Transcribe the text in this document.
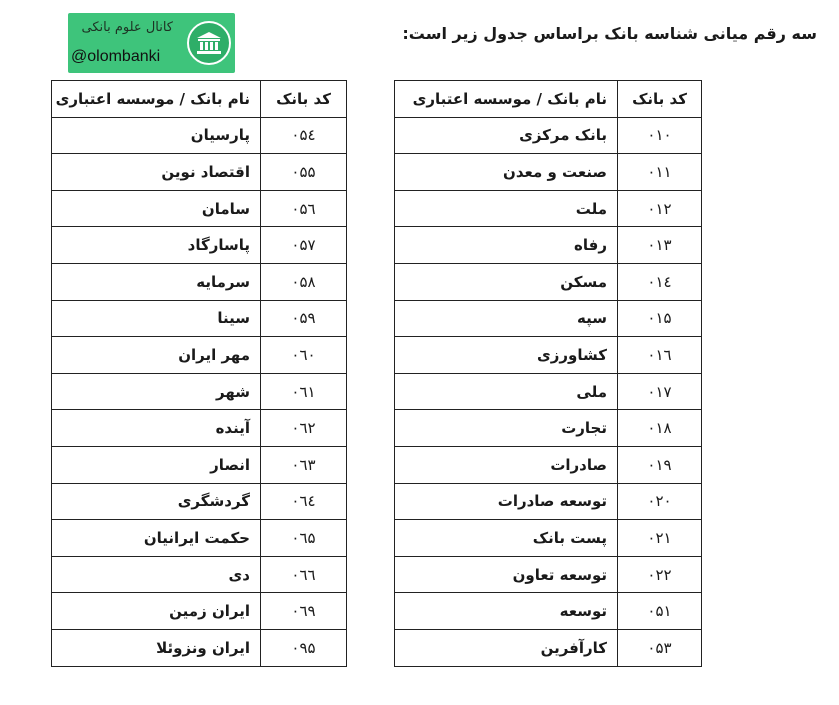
کانال علوم بانکی
@olombanki
سه رقم میانی شناسه بانک براساس جدول زیر است:
کد بانک	نام بانک / موسسه اعتباری
۰۱۰	بانک مرکزی
۰۱۱	صنعت و معدن
۰۱۲	ملت
۰۱۳	رفاه
۰۱٤	مسکن
۰۱۵	سپه
۰۱٦	کشاورزی
۰۱۷	ملی
۰۱۸	تجارت
۰۱۹	صادرات
۰۲۰	توسعه صادرات
۰۲۱	پست بانک
۰۲۲	توسعه تعاون
۰۵۱	توسعه
۰۵۳	کارآفرین
کد بانک	نام بانک / موسسه اعتباری
۰۵٤	پارسیان
۰۵۵	اقتصاد نوین
۰۵٦	سامان
۰۵۷	پاسارگاد
۰۵۸	سرمایه
۰۵۹	سینا
۰٦۰	مهر ایران
۰٦۱	شهر
۰٦۲	آینده
۰٦۳	انصار
۰٦٤	گردشگری
۰٦۵	حکمت ایرانیان
۰٦٦	دی
۰٦۹	ایران زمین
۰۹۵	ایران ونزوئلا
